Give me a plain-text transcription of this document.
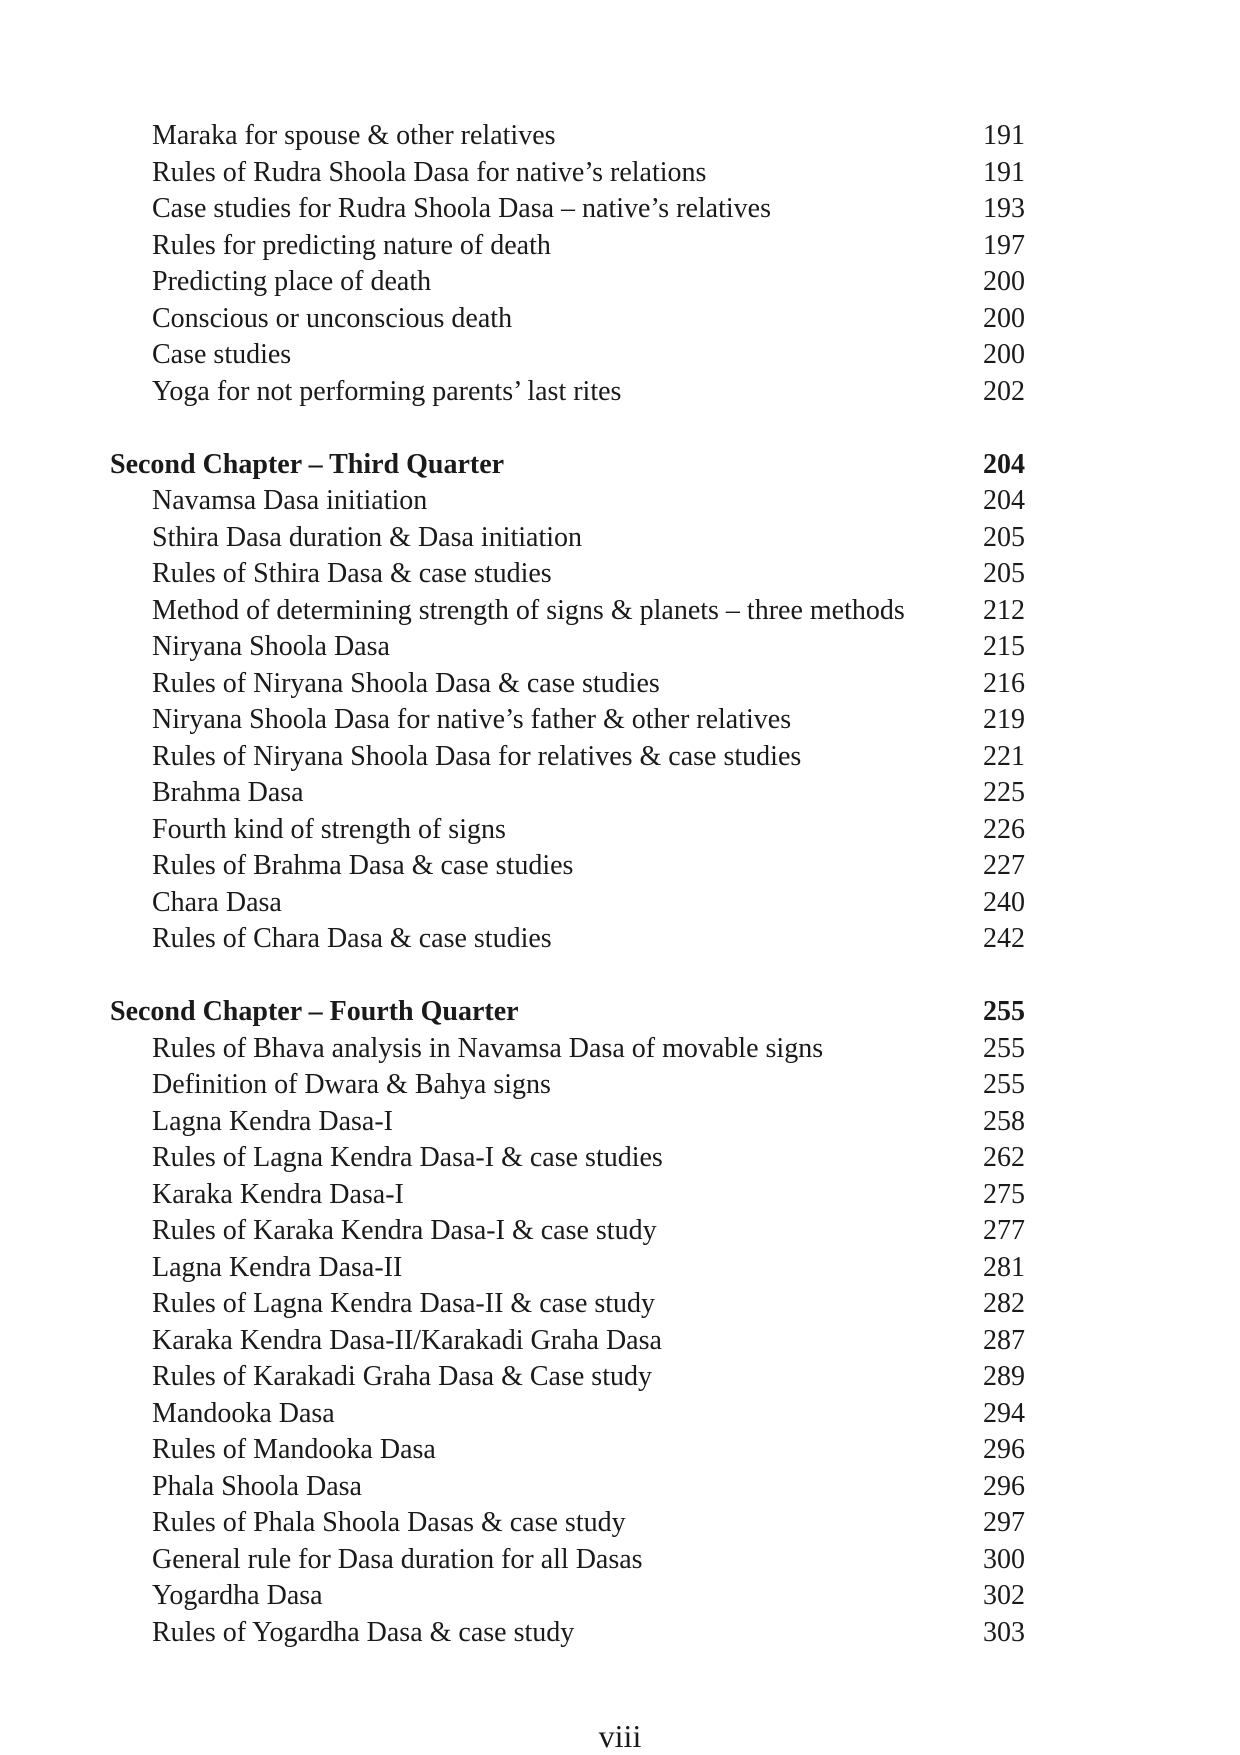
Maraka for spouse & other relatives	191
Rules of Rudra Shoola Dasa for native’s relations	191
Case studies for Rudra Shoola Dasa – native’s relatives	193
Rules for predicting nature of death	197
Predicting place of death	200
Conscious or unconscious death	200
Case studies	200
Yoga for not performing parents’ last rites	202
Second Chapter – Third Quarter	204
Navamsa Dasa initiation	204
Sthira Dasa duration & Dasa initiation	205
Rules of Sthira Dasa & case studies	205
Method of determining strength of signs & planets – three methods	212
Niryana Shoola Dasa	215
Rules of Niryana Shoola Dasa & case studies	216
Niryana Shoola Dasa for native’s father & other relatives	219
Rules of Niryana Shoola Dasa for relatives & case studies	221
Brahma Dasa	225
Fourth kind of strength of signs	226
Rules of Brahma Dasa & case studies	227
Chara Dasa	240
Rules of Chara Dasa & case studies	242
Second Chapter – Fourth Quarter	255
Rules of Bhava analysis in Navamsa Dasa of movable signs	255
Definition of Dwara & Bahya signs	255
Lagna Kendra Dasa-I	258
Rules of Lagna Kendra Dasa-I & case studies	262
Karaka Kendra Dasa-I	275
Rules of Karaka Kendra Dasa-I & case study	277
Lagna Kendra Dasa-II	281
Rules of Lagna Kendra Dasa-II & case study	282
Karaka Kendra Dasa-II/Karakadi Graha Dasa	287
Rules of Karakadi Graha Dasa & Case study	289
Mandooka Dasa	294
Rules of Mandooka Dasa	296
Phala Shoola Dasa	296
Rules of Phala Shoola Dasas & case study	297
General rule for Dasa duration for all Dasas	300
Yogardha Dasa	302
Rules of Yogardha Dasa & case study	303
viii
